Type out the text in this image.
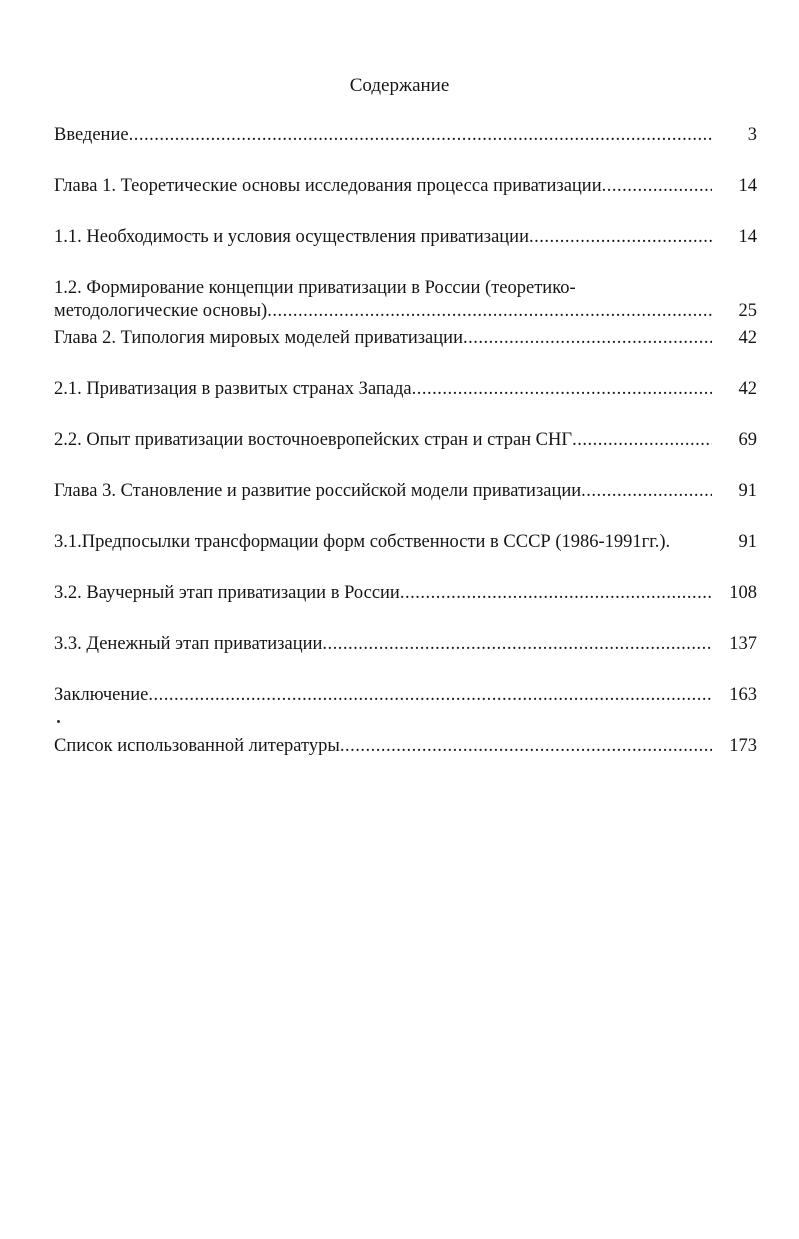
Содержание
Введение .....	3
Глава 1. Теоретические основы исследования процесса приватизации .....	14
1.1. Необходимость и условия осуществления приватизации .....	14
1.2. Формирование концепции приватизации в России (теоретико-
методологические основы) .....	25
Глава 2. Типология мировых моделей приватизации .....	42
2.1. Приватизация в развитых странах Запада .....	42
2.2. Опыт приватизации восточноевропейских стран и стран СНГ .....	69
Глава 3. Становление и развитие российской модели приватизации .....	91
3.1.Предпосылки трансформации форм собственности в СССР (1986-1991гг.).	91
3.2. Ваучерный этап приватизации в России .....	108
3.3. Денежный этап приватизации .....	137
Заключение .....	163
Список использованной литературы .....	173
